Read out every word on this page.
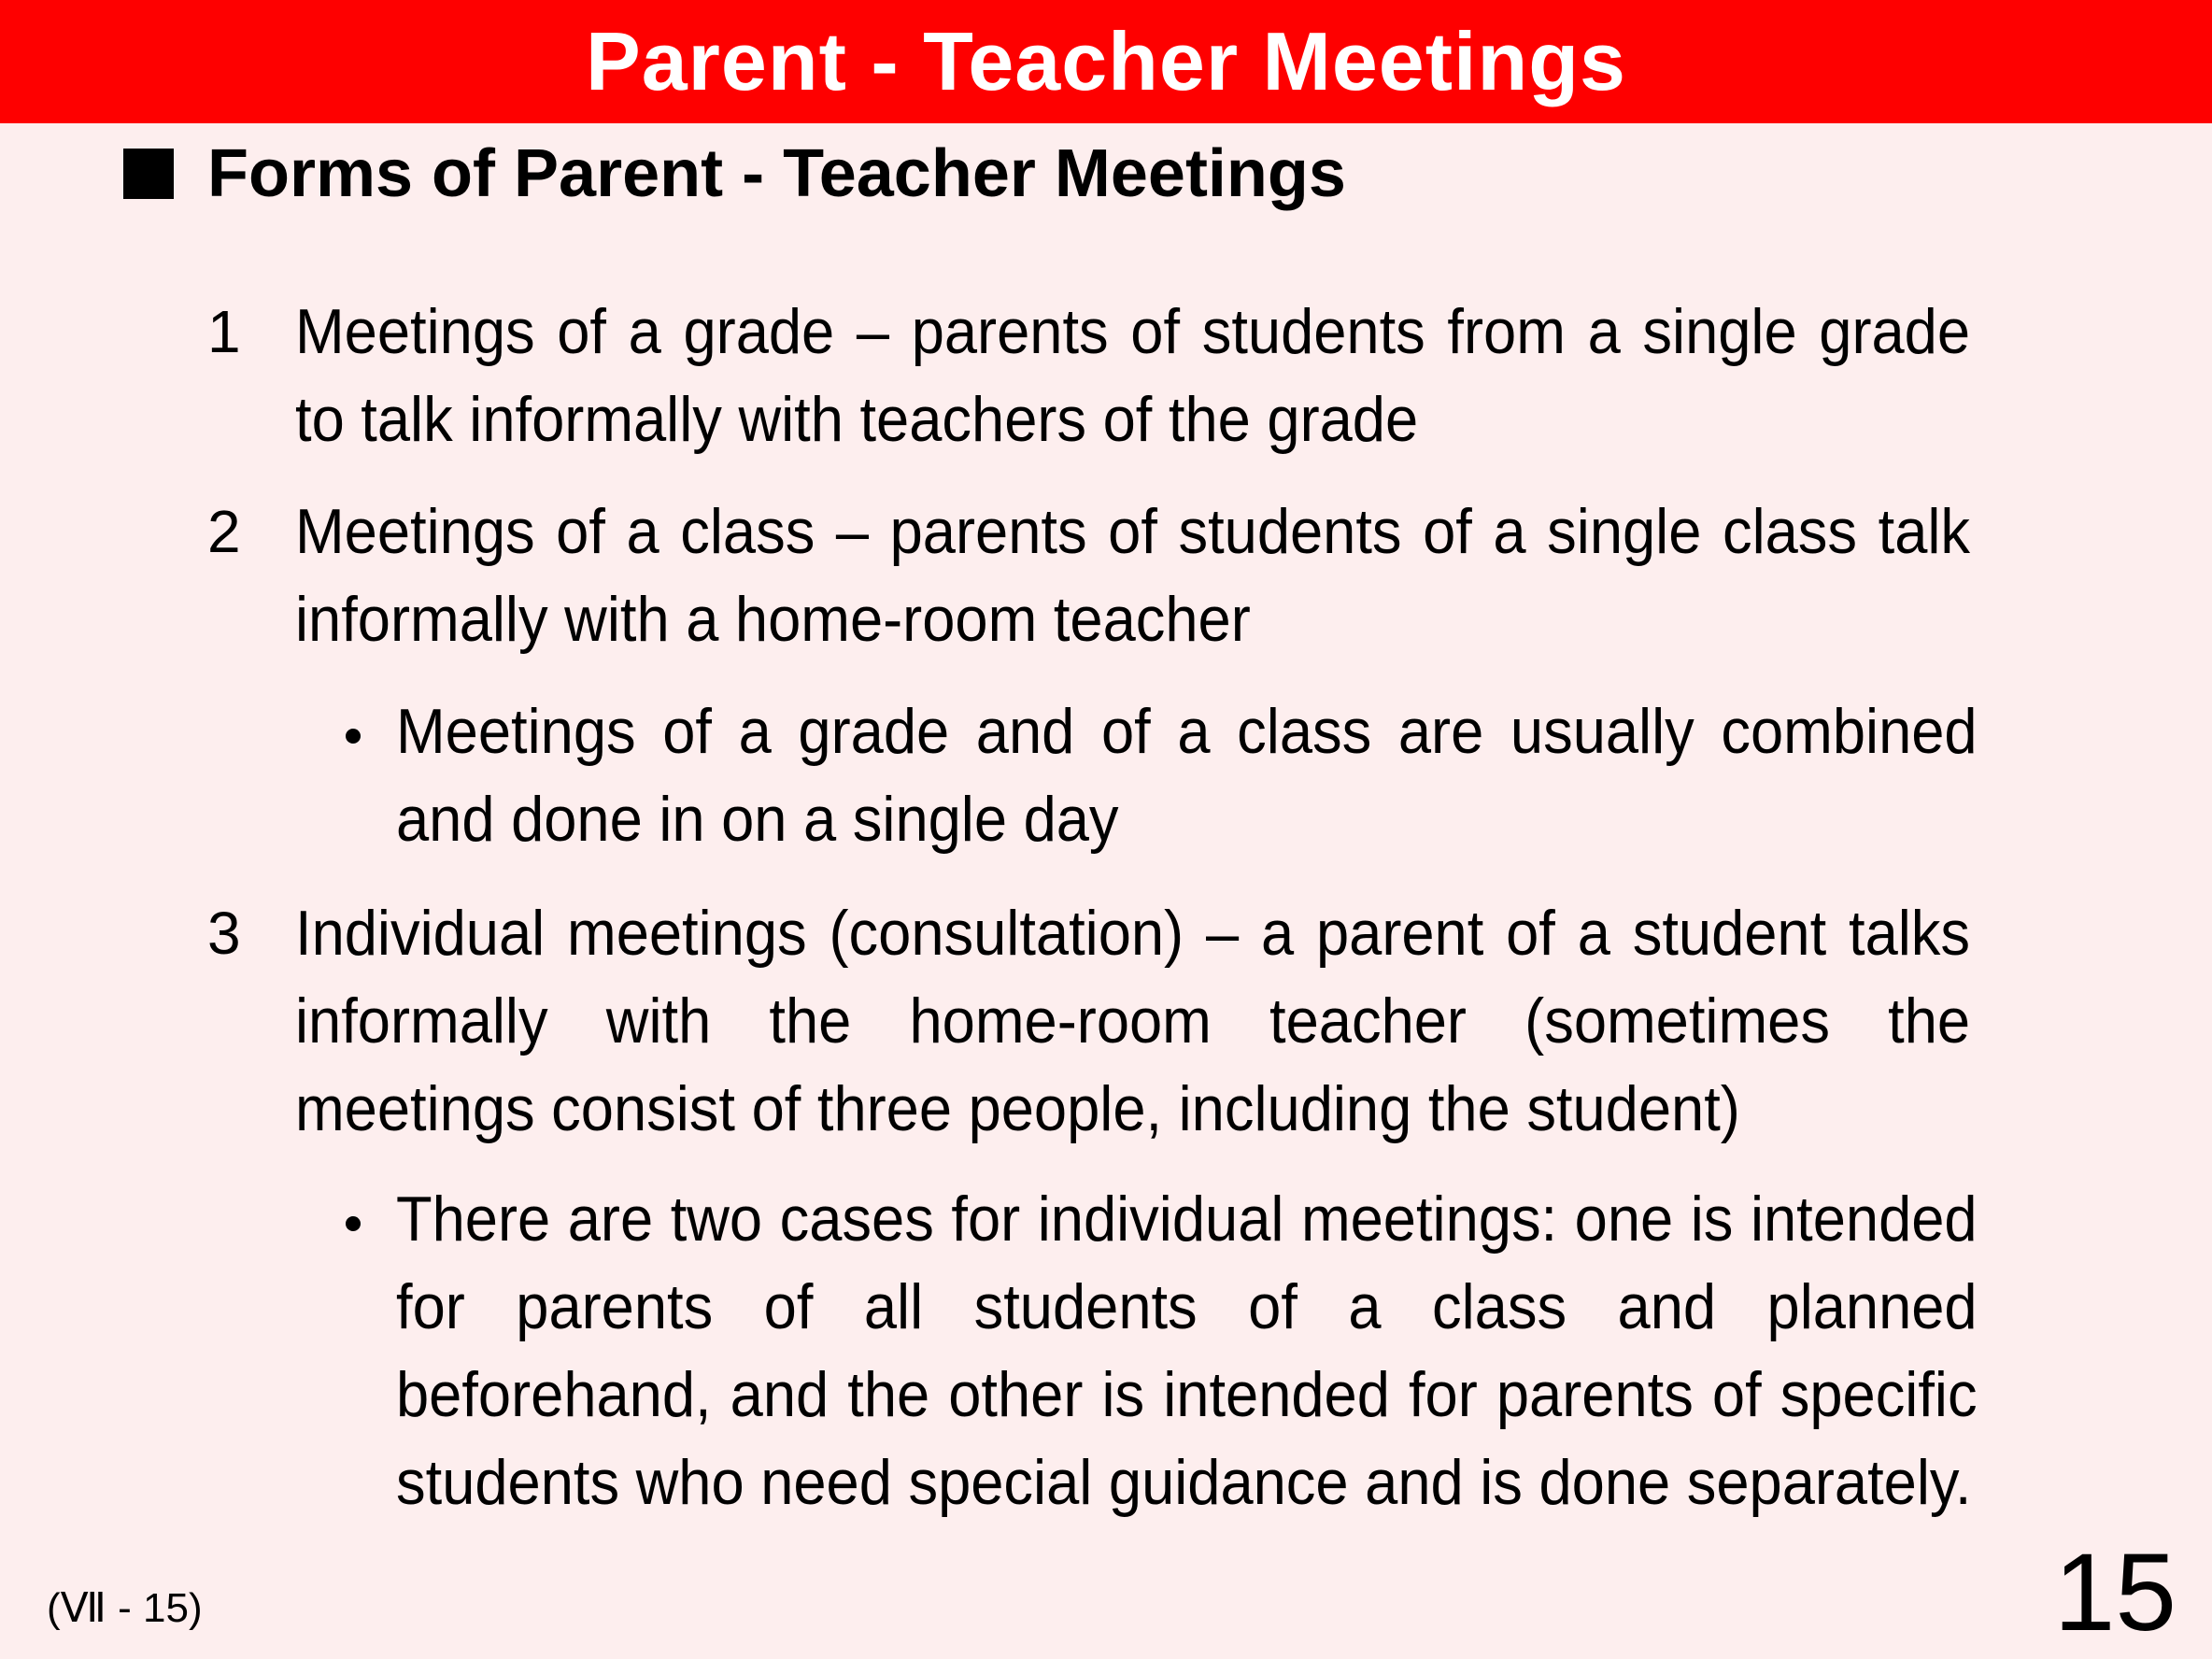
Parent - Teacher Meetings
Forms of Parent - Teacher Meetings
1 Meetings of a grade – parents of students from a single grade to talk informally with teachers of the grade
2 Meetings of a class – parents of students of a single class talk informally with a home-room teacher
Meetings of a grade and of a class are usually combined and done in on a single day
3 Individual meetings (consultation) – a parent of a student talks informally with the home-room teacher (sometimes the meetings consist of three people, including the student)
There are two cases for individual meetings: one is intended for parents of all students of a class and planned beforehand, and the other is intended for parents of specific students who need special guidance and is done separately.
(Ⅶ - 15)	15
